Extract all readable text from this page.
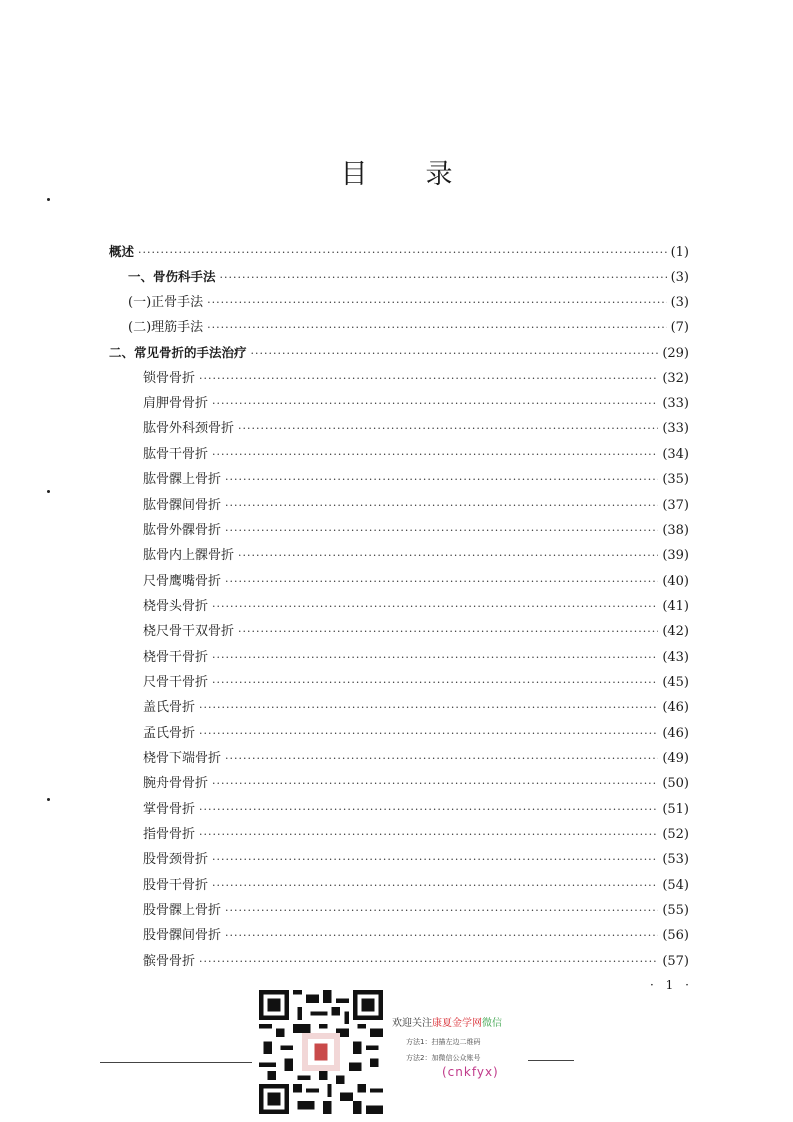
目录
概述 ·····	(1)
一、骨伤科手法 ·····	(3)
(一)正骨手法 ·····	(3)
(二)理筋手法 ·····	(7)
二、常见骨折的手法治疗 ·····	(29)
锁骨骨折 ·····	(32)
肩胛骨骨折 ·····	(33)
肱骨外科颈骨折 ·····	(33)
肱骨干骨折 ·····	(34)
肱骨髁上骨折 ·····	(35)
肱骨髁间骨折 ·····	(37)
肱骨外髁骨折 ·····	(38)
肱骨内上髁骨折 ·····	(39)
尺骨鹰嘴骨折 ·····	(40)
桡骨头骨折 ·····	(41)
桡尺骨干双骨折 ·····	(42)
桡骨干骨折 ·····	(43)
尺骨干骨折 ·····	(45)
盖氏骨折 ·····	(46)
孟氏骨折 ·····	(46)
桡骨下端骨折 ·····	(49)
腕舟骨骨折 ·····	(50)
掌骨骨折 ·····	(51)
指骨骨折 ·····	(52)
股骨颈骨折 ·····	(53)
股骨干骨折 ·····	(54)
股骨髁上骨折 ·····	(55)
股骨髁间骨折 ·····	(56)
髌骨骨折 ·····	(57)
· 1 ·
欢迎关注康夏金学网微信
方法1：扫描左边二维码
方法2：加微信公众账号
(cnkfyx)
